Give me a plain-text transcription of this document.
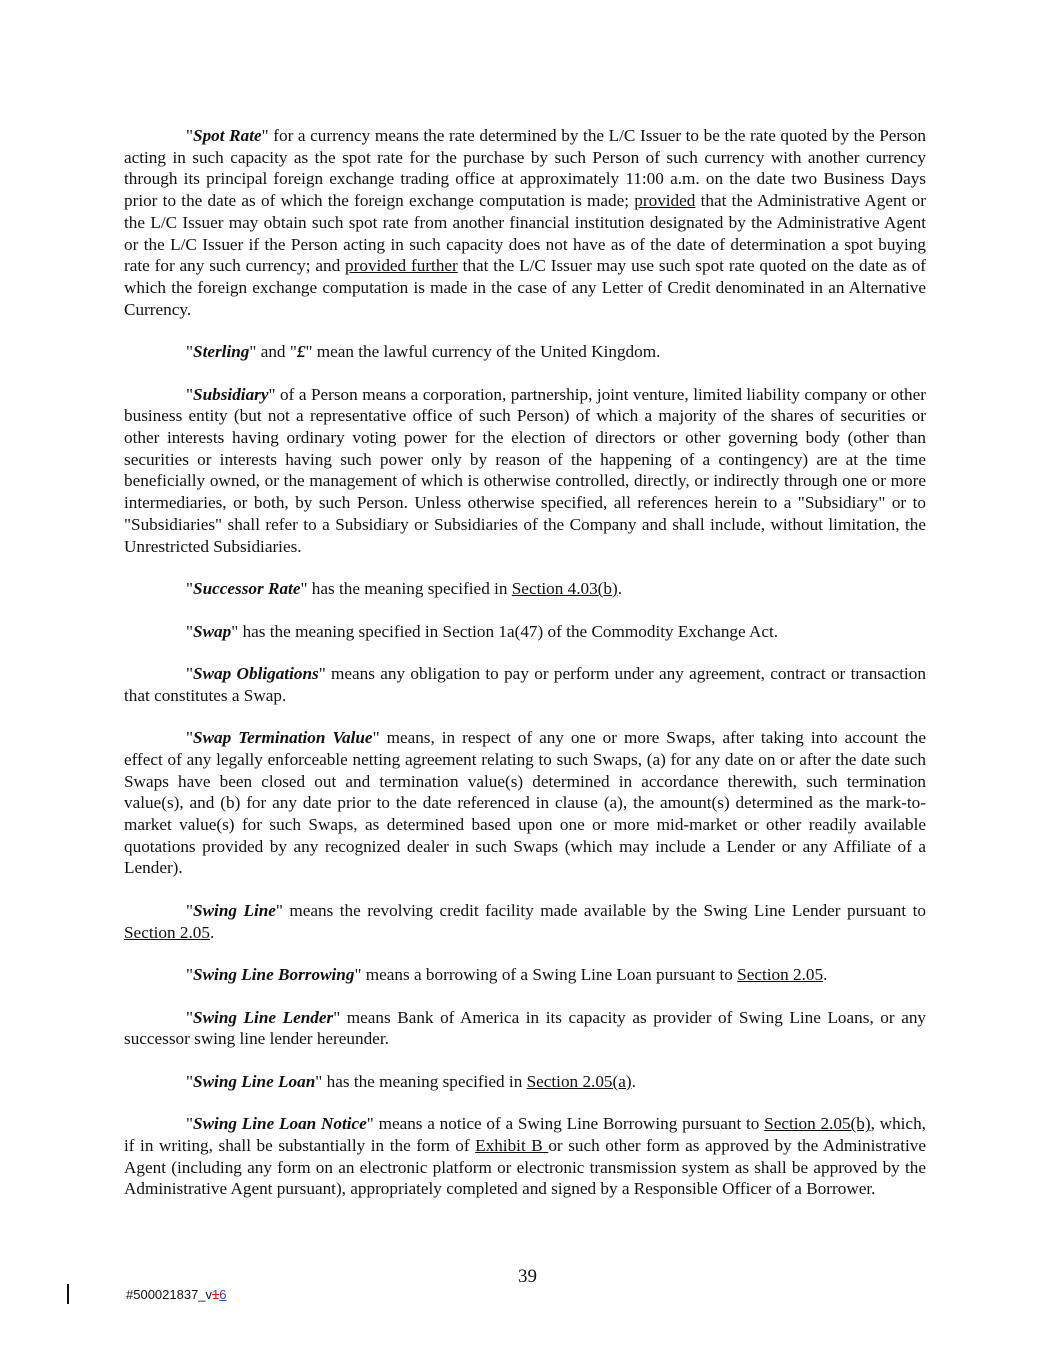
"Spot Rate" for a currency means the rate determined by the L/C Issuer to be the rate quoted by the Person acting in such capacity as the spot rate for the purchase by such Person of such currency with another currency through its principal foreign exchange trading office at approximately 11:00 a.m. on the date two Business Days prior to the date as of which the foreign exchange computation is made; provided that the Administrative Agent or the L/C Issuer may obtain such spot rate from another financial institution designated by the Administrative Agent or the L/C Issuer if the Person acting in such capacity does not have as of the date of determination a spot buying rate for any such currency; and provided further that the L/C Issuer may use such spot rate quoted on the date as of which the foreign exchange computation is made in the case of any Letter of Credit denominated in an Alternative Currency.

"Sterling" and "£" mean the lawful currency of the United Kingdom.

"Subsidiary" of a Person means a corporation, partnership, joint venture, limited liability company or other business entity (but not a representative office of such Person) of which a majority of the shares of securities or other interests having ordinary voting power for the election of directors or other governing body (other than securities or interests having such power only by reason of the happening of a contingency) are at the time beneficially owned, or the management of which is otherwise controlled, directly, or indirectly through one or more intermediaries, or both, by such Person. Unless otherwise specified, all references herein to a "Subsidiary" or to "Subsidiaries" shall refer to a Subsidiary or Subsidiaries of the Company and shall include, without limitation, the Unrestricted Subsidiaries.

"Successor Rate" has the meaning specified in Section 4.03(b).

"Swap" has the meaning specified in Section 1a(47) of the Commodity Exchange Act.

"Swap Obligations" means any obligation to pay or perform under any agreement, contract or transaction that constitutes a Swap.

"Swap Termination Value" means, in respect of any one or more Swaps, after taking into account the effect of any legally enforceable netting agreement relating to such Swaps, (a) for any date on or after the date such Swaps have been closed out and termination value(s) determined in accordance therewith, such termination value(s), and (b) for any date prior to the date referenced in clause (a), the amount(s) determined as the mark-to-market value(s) for such Swaps, as determined based upon one or more mid-market or other readily available quotations provided by any recognized dealer in such Swaps (which may include a Lender or any Affiliate of a Lender).

"Swing Line" means the revolving credit facility made available by the Swing Line Lender pursuant to Section 2.05.

"Swing Line Borrowing" means a borrowing of a Swing Line Loan pursuant to Section 2.05.

"Swing Line Lender" means Bank of America in its capacity as provider of Swing Line Loans, or any successor swing line lender hereunder.

"Swing Line Loan" has the meaning specified in Section 2.05(a).

"Swing Line Loan Notice" means a notice of a Swing Line Borrowing pursuant to Section 2.05(b), which, if in writing, shall be substantially in the form of Exhibit B or such other form as approved by the Administrative Agent (including any form on an electronic platform or electronic transmission system as shall be approved by the Administrative Agent pursuant), appropriately completed and signed by a Responsible Officer of a Borrower.

39
#500021837_v16
